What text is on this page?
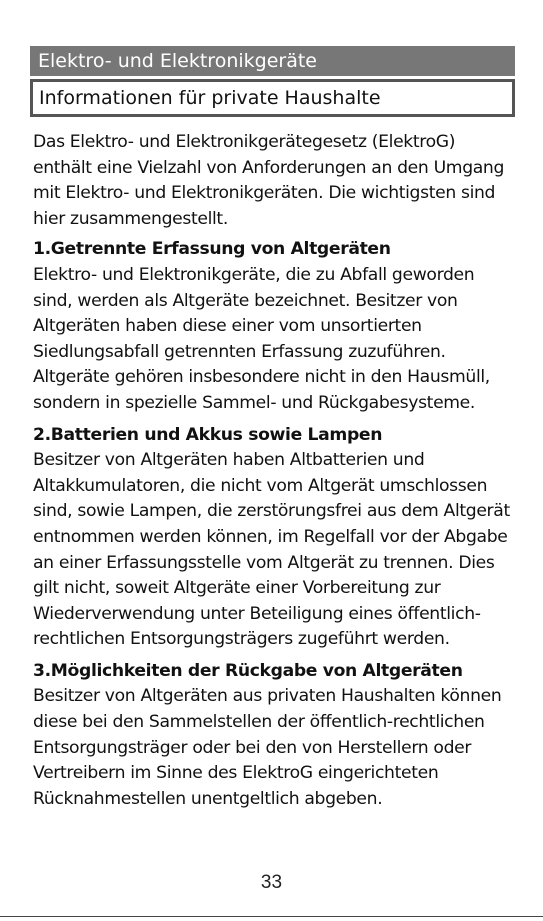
Elektro- und Elektronikgeräte
Informationen für private Haushalte

Das Elektro- und Elektronikgerätegesetz (ElektroG) enthält eine Vielzahl von Anforderungen an den Umgang mit Elektro- und Elektronikgeräten. Die wichtigsten sind hier zusammengestellt.

1.Getrennte Erfassung von Altgeräten

Elektro- und Elektronikgeräte, die zu Abfall geworden sind, werden als Altgeräte bezeichnet. Besitzer von Altgeräten haben diese einer vom unsortierten Siedlungsabfall getrennten Erfassung zuzuführen. Altgeräte gehören insbesondere nicht in den Hausmüll, sondern in spezielle Sammel- und Rückgabesysteme.

2.Batterien und Akkus sowie Lampen

Besitzer von Altgeräten haben Altbatterien und Altakkumulatoren, die nicht vom Altgerät umschlossen sind, sowie Lampen, die zerstörungsfrei aus dem Altgerät entnommen werden können, im Regelfall vor der Abgabe an einer Erfassungsstelle vom Altgerät zu trennen. Dies gilt nicht, soweit Altgeräte einer Vorbereitung zur Wiederverwendung unter Beteiligung eines öffentlich-rechtlichen Entsorgungsträgers zugeführt werden.

3.Möglichkeiten der Rückgabe von Altgeräten

Besitzer von Altgeräten aus privaten Haushalten können diese bei den Sammelstellen der öffentlich-rechtlichen Entsorgungsträger oder bei den von Herstellern oder Vertreibern im Sinne des ElektroG eingerichteten Rücknahmestellen unentgeltlich abgeben.

33
